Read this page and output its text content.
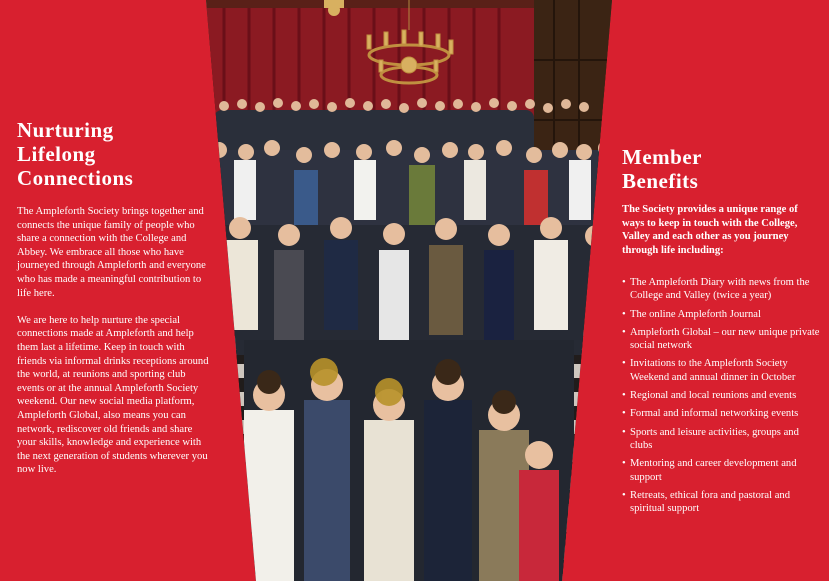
Nurturing
Lifelong
Connections

The Ampleforth Society brings together and connects the unique family of people who share a connection with the College and Abbey. We embrace all those who have journeyed through Ampleforth and everyone who has made a meaningful contribution to life here.

We are here to help nurture the special connections made at Ampleforth and help them last a lifetime. Keep in touch with friends via informal drinks receptions around the world, at reunions and sporting club events or at the annual Ampleforth Society weekend. Our new social media platform, Ampleforth Global, also means you can network, rediscover old friends and share your skills, knowledge and experience with the next generation of students wherever you now live.

Member
Benefits
The Society provides a unique range of ways to keep in touch with the College, Valley and each other as you journey through life including:
• The Ampleforth Diary with news from the College and Valley (twice a year)
• The online Ampleforth Journal
• Ampleforth Global – our new unique private social network
• Invitations to the Ampleforth Society Weekend and annual dinner in October
• Regional and local reunions and events
• Formal and informal networking events
• Sports and leisure activities, groups and clubs
• Mentoring and career development and support
• Retreats, ethical fora and pastoral and spiritual support
